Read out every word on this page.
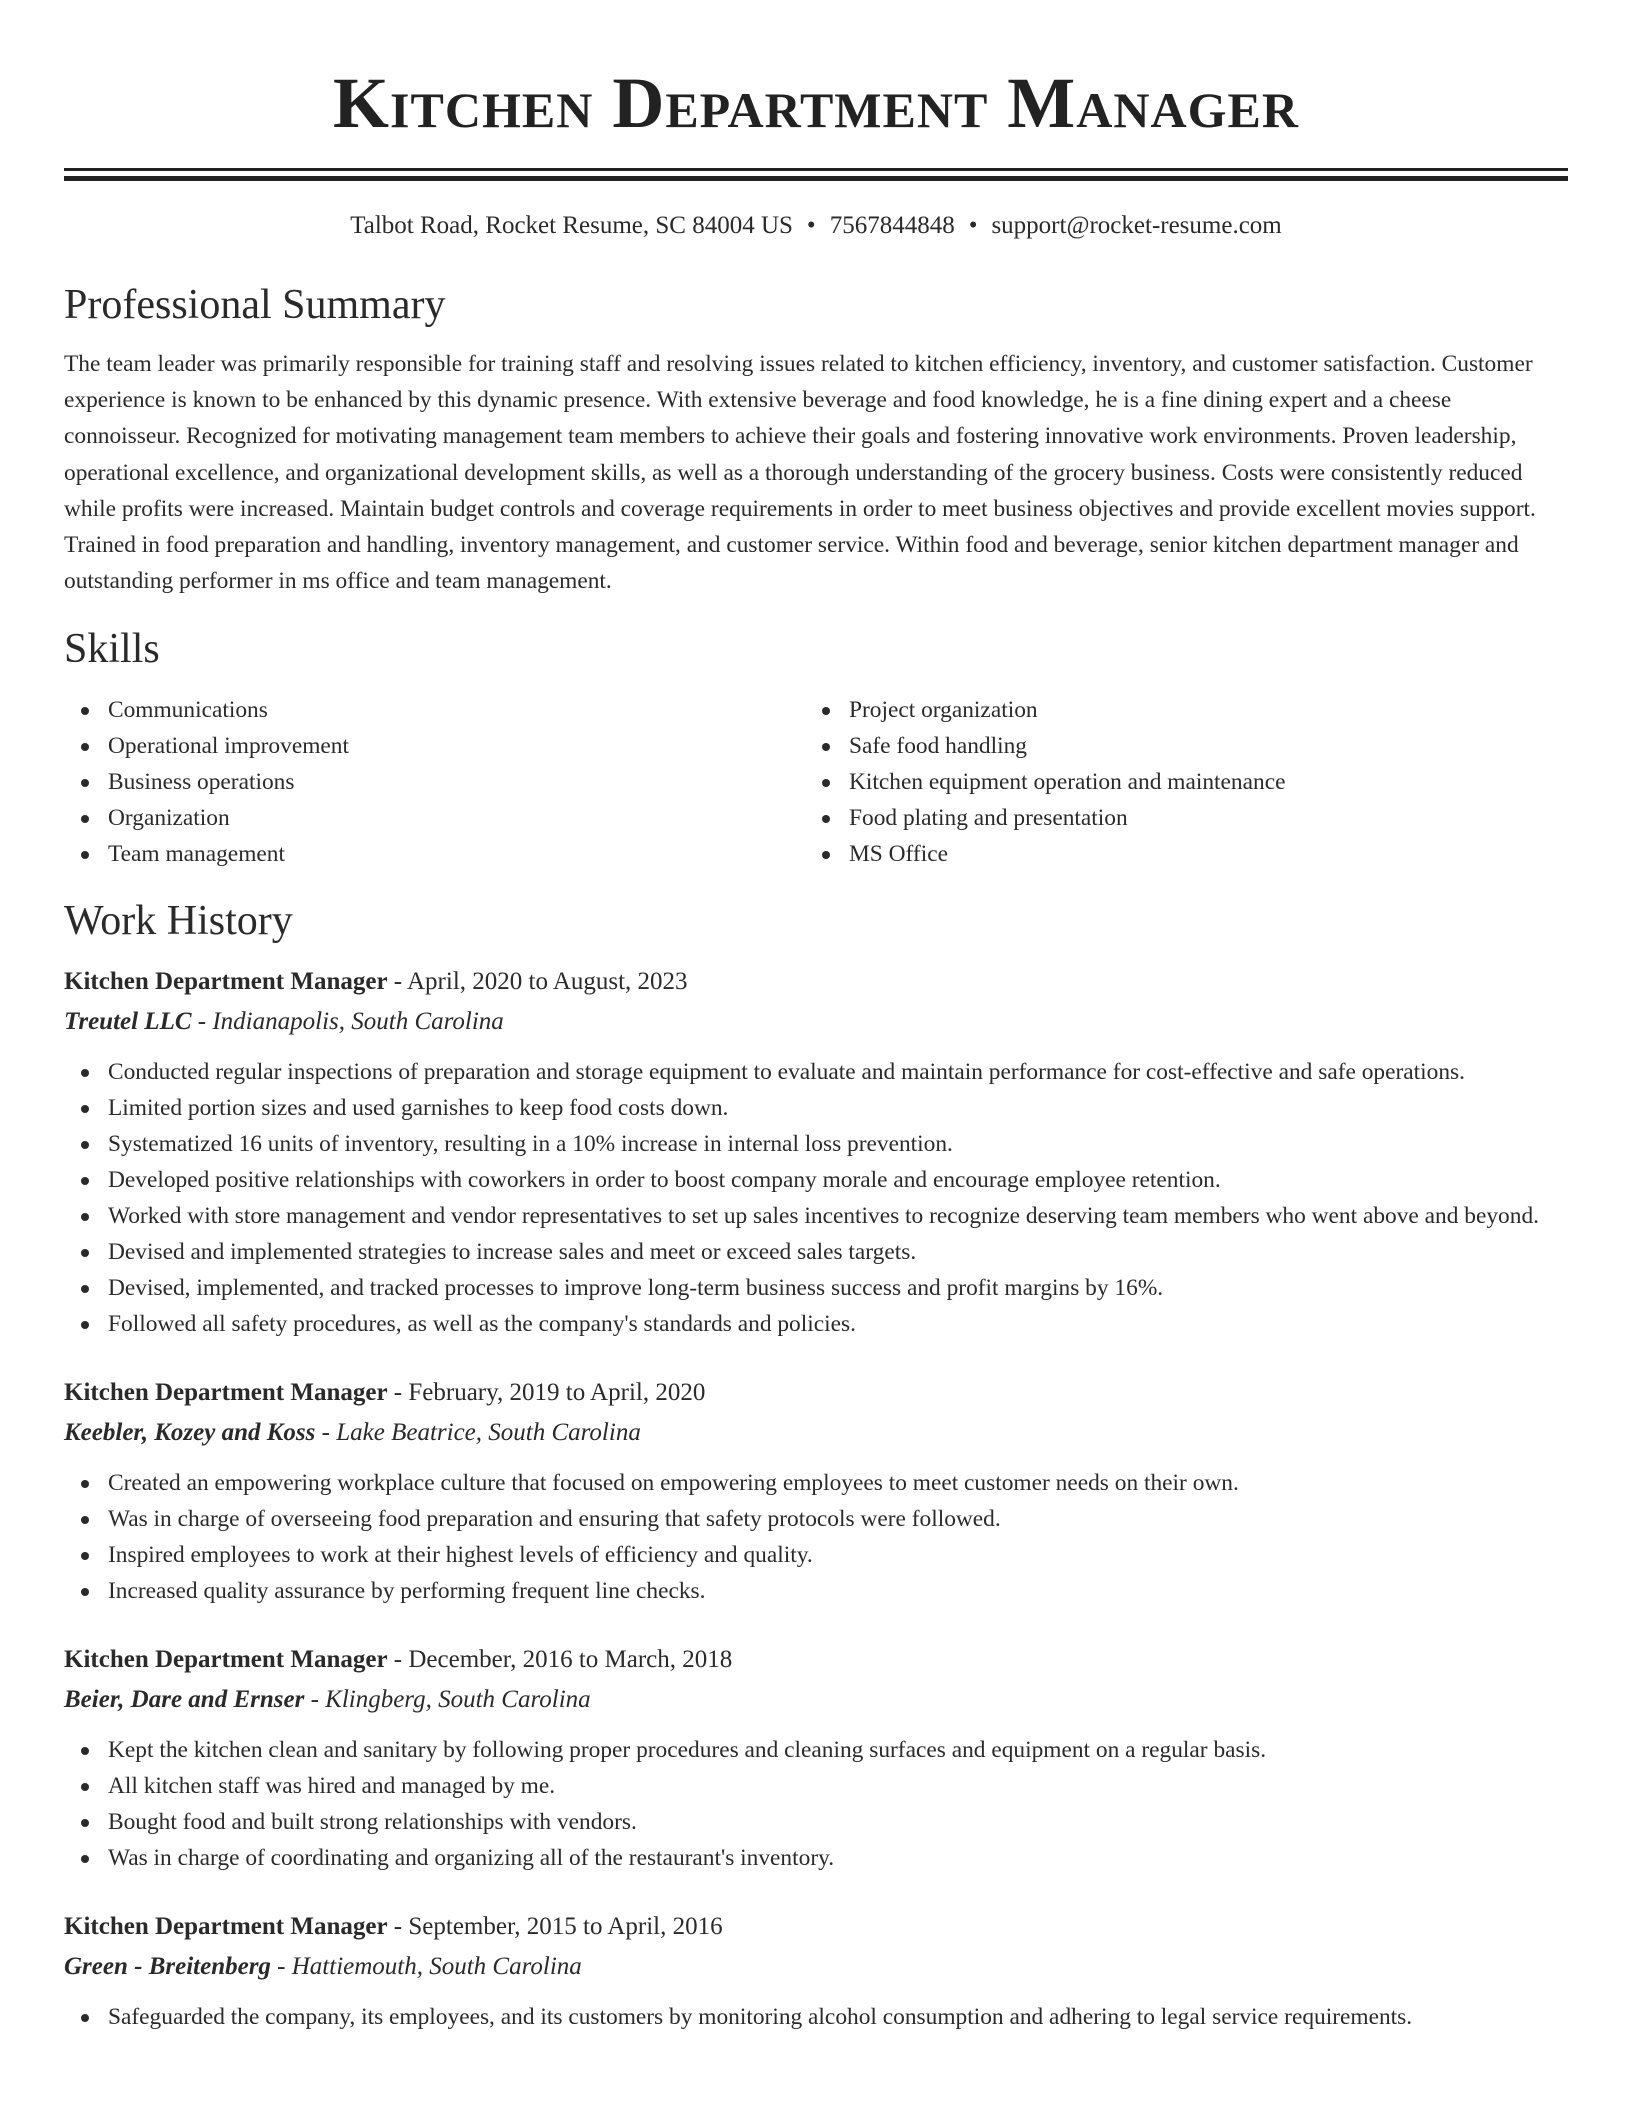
Kitchen Department Manager
Talbot Road, Rocket Resume, SC 84004 US • 7567844848 • support@rocket-resume.com
Professional Summary

The team leader was primarily responsible for training staff and resolving issues related to kitchen efficiency, inventory, and customer satisfaction. Customer experience is known to be enhanced by this dynamic presence. With extensive beverage and food knowledge, he is a fine dining expert and a cheese connoisseur. Recognized for motivating management team members to achieve their goals and fostering innovative work environments. Proven leadership, operational excellence, and organizational development skills, as well as a thorough understanding of the grocery business. Costs were consistently reduced while profits were increased. Maintain budget controls and coverage requirements in order to meet business objectives and provide excellent movies support. Trained in food preparation and handling, inventory management, and customer service. Within food and beverage, senior kitchen department manager and outstanding performer in ms office and team management.

Skills
Communications
Operational improvement
Business operations
Organization
Team management
Project organization
Safe food handling
Kitchen equipment operation and maintenance
Food plating and presentation
MS Office
Work History
Kitchen Department Manager - April, 2020 to August, 2023
Treutel LLC - Indianapolis, South Carolina
Conducted regular inspections of preparation and storage equipment to evaluate and maintain performance for cost-effective and safe operations.
Limited portion sizes and used garnishes to keep food costs down.
Systematized 16 units of inventory, resulting in a 10% increase in internal loss prevention.
Developed positive relationships with coworkers in order to boost company morale and encourage employee retention.
Worked with store management and vendor representatives to set up sales incentives to recognize deserving team members who went above and beyond.
Devised and implemented strategies to increase sales and meet or exceed sales targets.
Devised, implemented, and tracked processes to improve long-term business success and profit margins by 16%.
Followed all safety procedures, as well as the company's standards and policies.
Kitchen Department Manager - February, 2019 to April, 2020
Keebler, Kozey and Koss - Lake Beatrice, South Carolina
Created an empowering workplace culture that focused on empowering employees to meet customer needs on their own.
Was in charge of overseeing food preparation and ensuring that safety protocols were followed.
Inspired employees to work at their highest levels of efficiency and quality.
Increased quality assurance by performing frequent line checks.
Kitchen Department Manager - December, 2016 to March, 2018
Beier, Dare and Ernser - Klingberg, South Carolina
Kept the kitchen clean and sanitary by following proper procedures and cleaning surfaces and equipment on a regular basis.
All kitchen staff was hired and managed by me.
Bought food and built strong relationships with vendors.
Was in charge of coordinating and organizing all of the restaurant's inventory.
Kitchen Department Manager - September, 2015 to April, 2016
Green - Breitenberg - Hattiemouth, South Carolina
Safeguarded the company, its employees, and its customers by monitoring alcohol consumption and adhering to legal service requirements.
